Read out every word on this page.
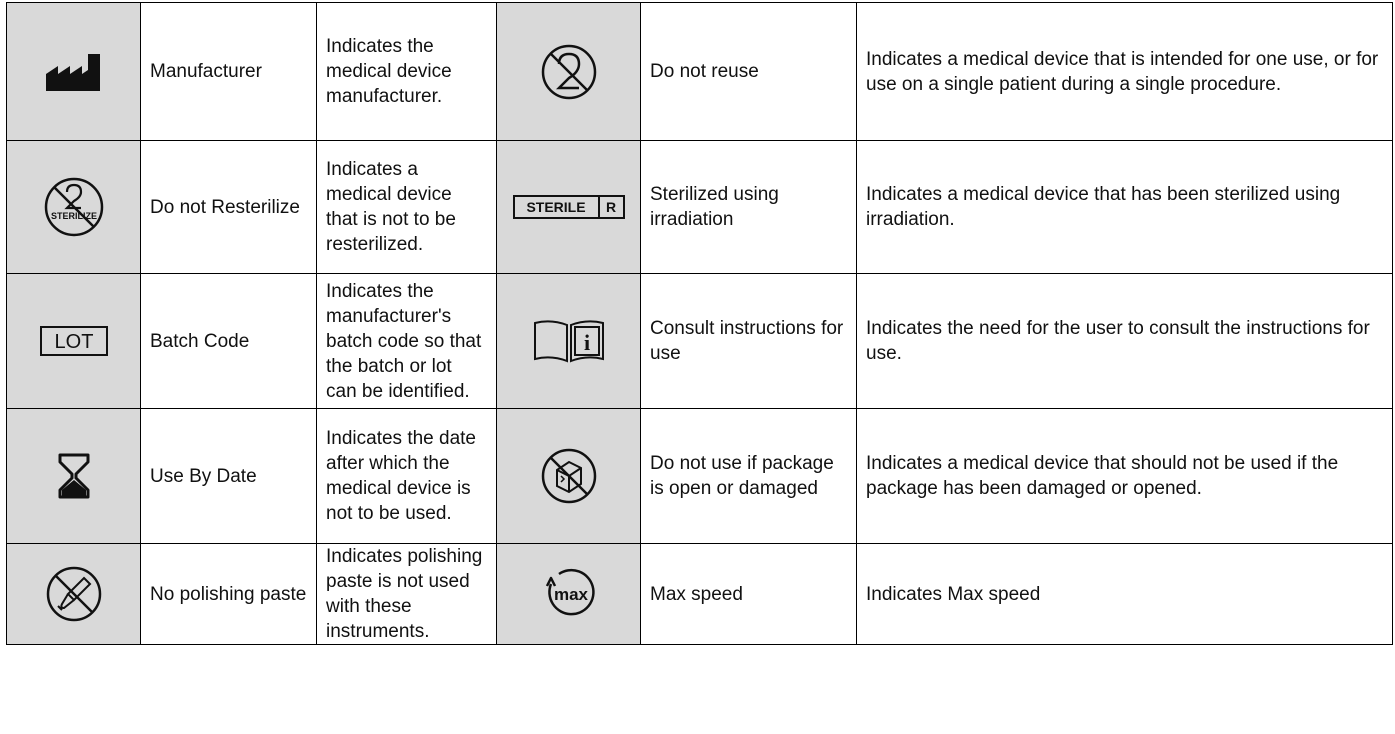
	Manufacturer	Indicates the medical device manufacturer.		Do not reuse	Indicates a medical device that is intended for one use, or for use on a single patient during a single procedure.

STERILIZE	Do not Resterilize	Indicates a medical device that is not to be resterilized.	STERILE R	Sterilized using irradiation	Indicates a medical device that has been sterilized using irradiation.

LOT	Batch Code	Indicates the manufacturer's batch code so that the batch or lot can be identified.	i	Consult instructions for use	Indicates the need for the user to consult the instructions for use.

	Use By Date	Indicates the date after which the medical device is not to be used.		Do not use if package is open or damaged	Indicates a medical device that should not be used if the package has been damaged or opened.

	No polishing paste	Indicates polishing paste is not used with these instruments.	max	Max speed	Indicates Max speed
